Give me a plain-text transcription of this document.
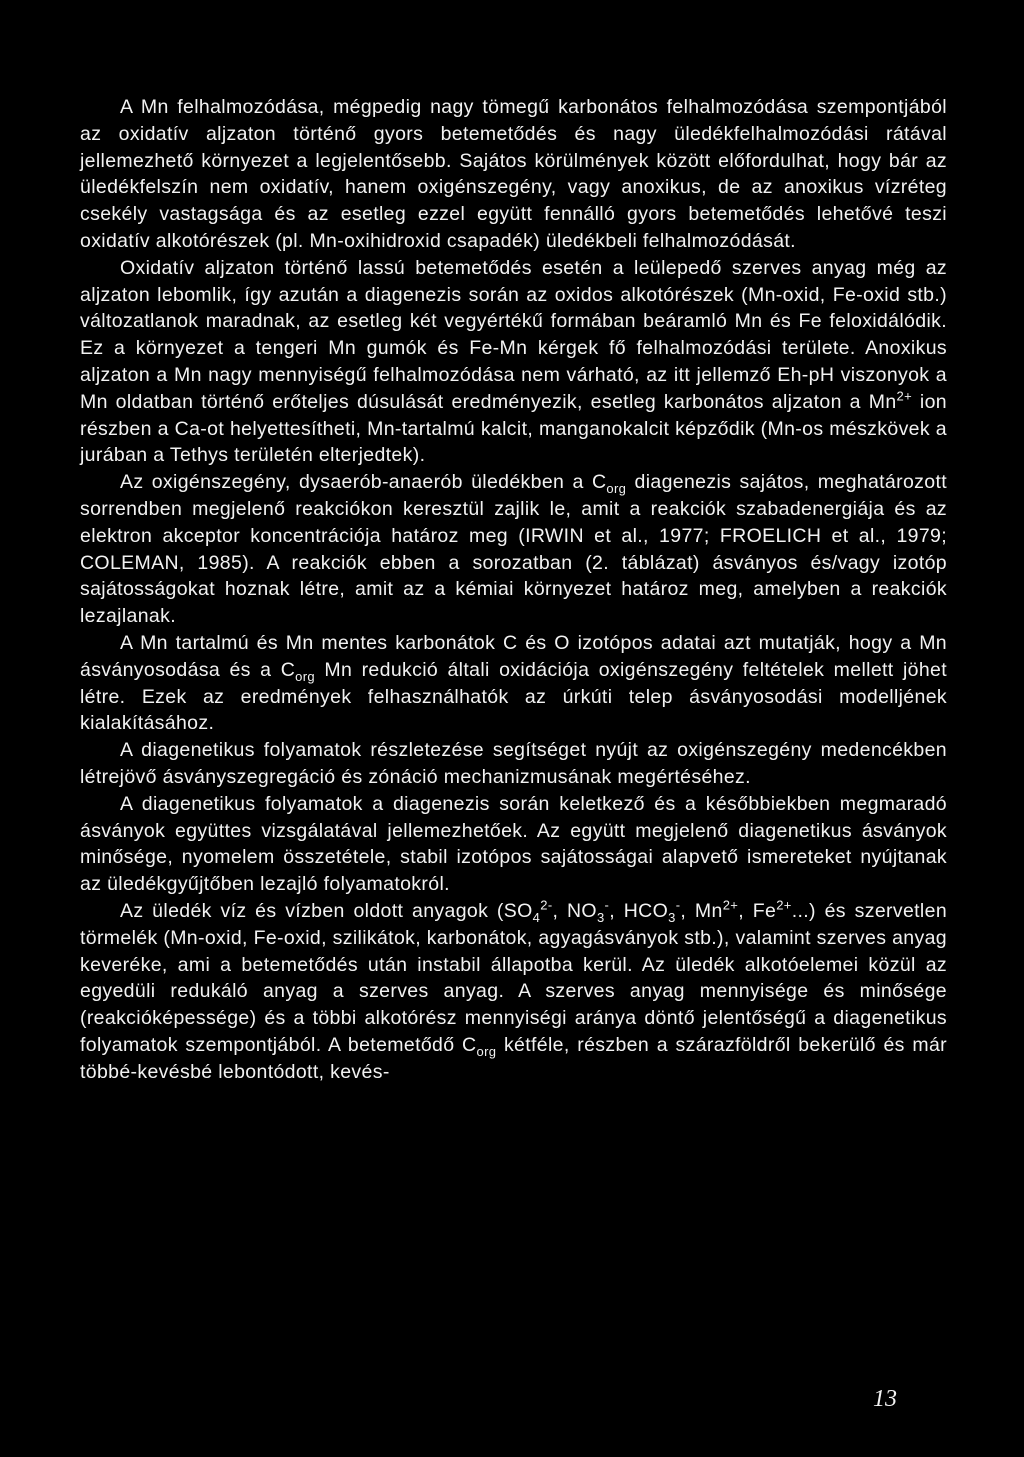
A Mn felhalmozódása, mégpedig nagy tömegű karbonátos felhalmozódása szempontjából az oxidatív aljzaton történő gyors betemetődés és nagy üledékfelhalmozódási rátával jellemezhető környezet a legjelentősebb. Sajátos körülmények között előfordulhat, hogy bár az üledékfelszín nem oxidatív, hanem oxigénszegény, vagy anoxikus, de az anoxikus vízréteg csekély vastagsága és az esetleg ezzel együtt fennálló gyors betemetődés lehetővé teszi oxidatív alkotórészek (pl. Mn-oxihidroxid csapadék) üledékbeli felhalmozódását.

Oxidatív aljzaton történő lassú betemetődés esetén a leülepedő szerves anyag még az aljzaton lebomlik, így azután a diagenezis során az oxidos alkotórészek (Mn-oxid, Fe-oxid stb.) változatlanok maradnak, az esetleg két vegyértékű formában beáramló Mn és Fe feloxidálódik. Ez a környezet a tengeri Mn gumók és Fe-Mn kérgek fő felhalmozódási területe. Anoxikus aljzaton a Mn nagy mennyiségű felhalmozódása nem várható, az itt jellemző Eh-pH viszonyok a Mn oldatban történő erőteljes dúsulását eredményezik, esetleg karbonátos aljzaton a $Mn^{2+}$ ion részben a Ca-ot helyettesítheti, Mn-tartalmú kalcit, manganokalcit képződik (Mn-os mészkövek a jurában a Tethys területén elterjedtek).

Az oxigénszegény, dysaerób-anaerób üledékben a $C_{org}$ diagenezis sajátos, meghatározott sorrendben megjelenő reakciókon keresztül zajlik le, amit a reakciók szabadenergiája és az elektron akceptor koncentrációja határoz meg (IRWIN et al., 1977; FROELICH et al., 1979; COLEMAN, 1985). A reakciók ebben a sorozatban (2. táblázat) ásványos és/vagy izotóp sajátosságokat hoznak létre, amit az a kémiai környezet határoz meg, amelyben a reakciók lezajlanak.

A Mn tartalmú és Mn mentes karbonátok C és O izotópos adatai azt mutatják, hogy a Mn ásványosodása és a $C_{org}$ Mn redukció általi oxidációja oxigénszegény feltételek mellett jöhet létre. Ezek az eredmények felhasználhatók az úrkúti telep ásványosodási modelljének kialakításához.

A diagenetikus folyamatok részletezése segítséget nyújt az oxigénszegény medencékben létrejövő ásványszegregáció és zónáció mechanizmusának megértéséhez.

A diagenetikus folyamatok a diagenezis során keletkező és a későbbiekben megmaradó ásványok együttes vizsgálatával jellemezhetőek. Az együtt megjelenő diagenetikus ásványok minősége, nyomelem összetétele, stabil izotópos sajátosságai alapvető ismereteket nyújtanak az üledékgyűjtőben lezajló folyamatokról.

Az üledék víz és vízben oldott anyagok ($SO_4^{2-}$, $NO_3^-$, $HCO_3^-$, $Mn^{2+}$, $Fe^{2+}$...) és szervetlen törmelék (Mn-oxid, Fe-oxid, szilikátok, karbonátok, agyagásványok stb.), valamint szerves anyag keveréke, ami a betemetődés után instabil állapotba kerül. Az üledék alkotóelemei közül az egyedüli redukáló anyag a szerves anyag. A szerves anyag mennyisége és minősége (reakcióképessége) és a többi alkotórész mennyiségi aránya döntő jelentőségű a diagenetikus folyamatok szempontjából. A betemetődő $C_{org}$ kétféle, részben a szárazföldről bekerülő és már többé-kevésbé lebontódott, kevés-

13
